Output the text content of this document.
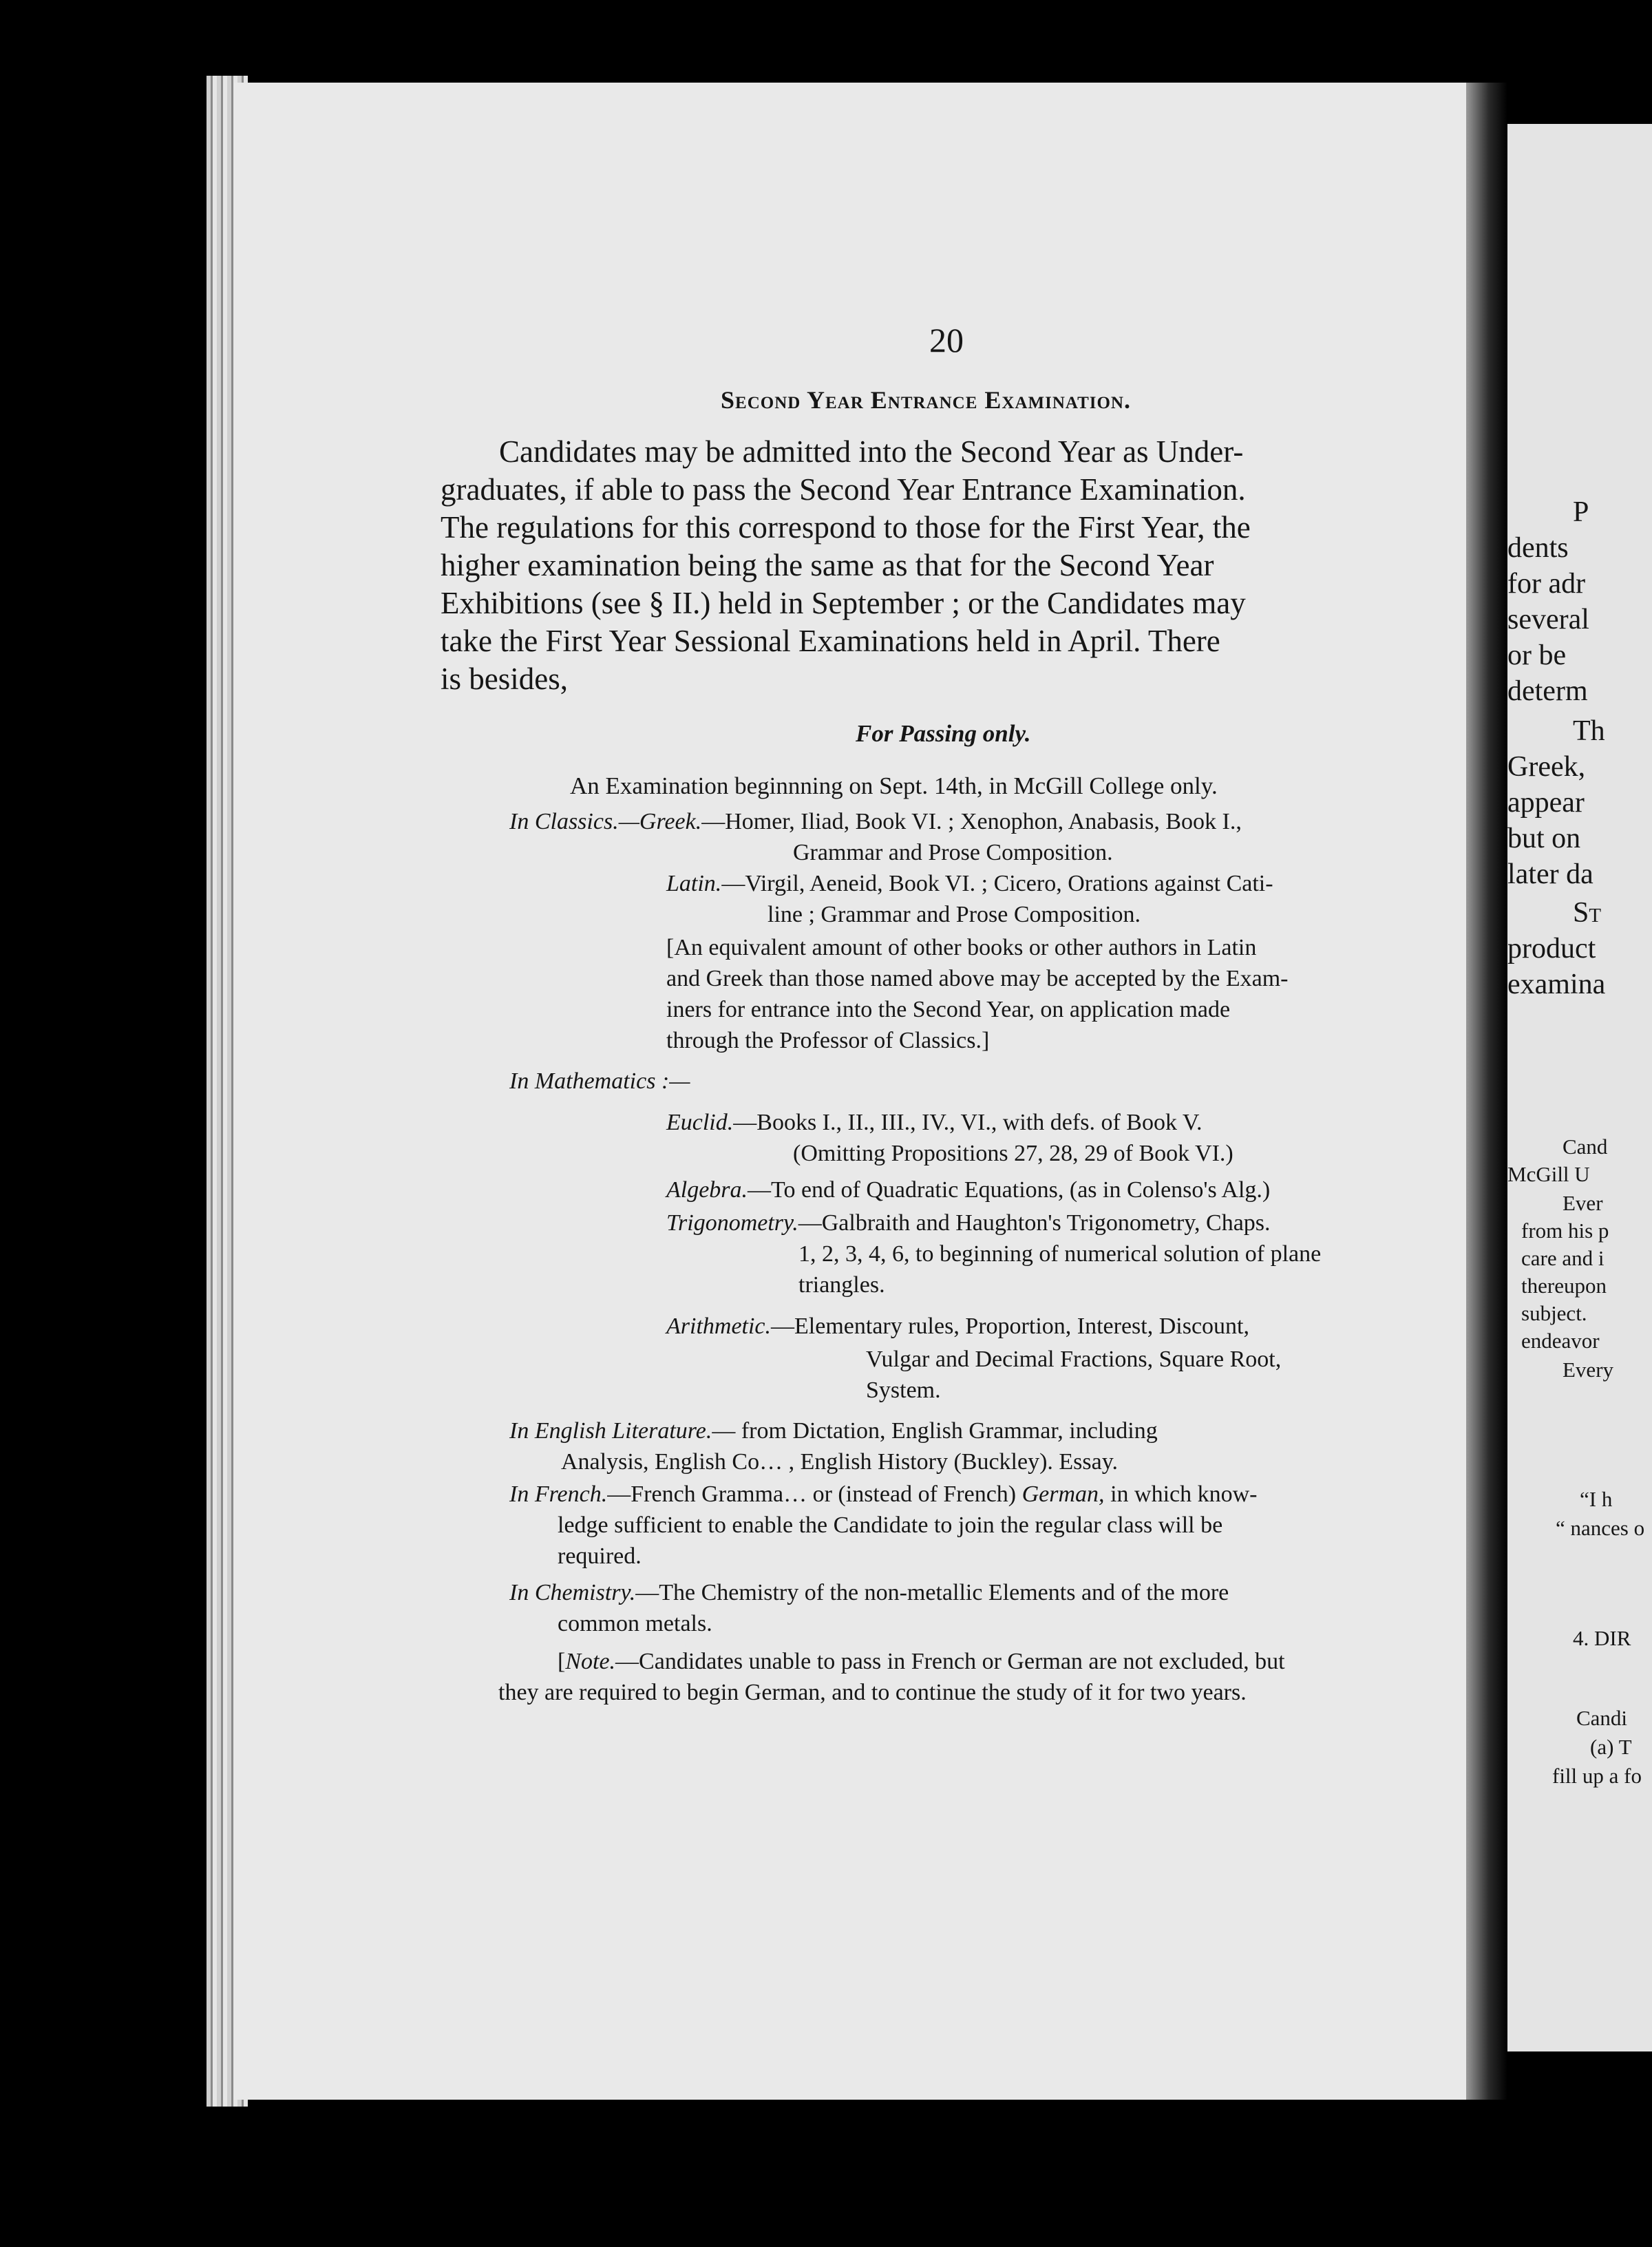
20
Second Year Entrance Examination.
Candidates may be admitted into the Second Year as Under-
graduates, if able to pass the Second Year Entrance Examination.
The regulations for this correspond to those for the First Year, the
higher examination being the same as that for the Second Year
Exhibitions (see § II.) held in September ; or the Candidates may
take the First Year Sessional Examinations held in April. There
is besides,
For Passing only.
An Examination beginnning on Sept. 14th, in McGill College only.
In Classics.—Greek.—Homer, Iliad, Book VI. ; Xenophon, Anabasis, Book I.,
Grammar and Prose Composition.
Latin.—Virgil, Aeneid, Book VI. ; Cicero, Orations against Cati-
line ; Grammar and Prose Composition.
[An equivalent amount of other books or other authors in Latin
and Greek than those named above may be accepted by the Exam-
iners for entrance into the Second Year, on application made
through the Professor of Classics.]
In Mathematics :—
Euclid.—Books I., II., III., IV., VI., with defs. of Book V.
(Omitting Propositions 27, 28, 29 of Book VI.)
Algebra.—To end of Quadratic Equations, (as in Colenso's Alg.)
Trigonometry.—Galbraith and Haughton's Trigonometry, Chaps.
1, 2, 3, 4, 6, to beginning of numerical solution of plane
triangles.
Arithmetic.—Elementary rules, Proportion, Interest, Discount,
Vulgar and Decimal Fractions, Square Root,
System.
In English Literature.— from Dictation, English Grammar, including
Analysis, English Co… , English History (Buckley). Essay.
In French.—French Gramma… or (instead of French) German, in which know-
ledge sufficient to enable the Candidate to join the regular class will be
required.
In Chemistry.—The Chemistry of the non-metallic Elements and of the more
common metals.
[Note.—Candidates unable to pass in French or German are not excluded, but
they are required to begin German, and to continue the study of it for two years.
P
dents
for adr
several
or be
determ
Th
Greek,
appear
but on
later da
St
product
examina
Cand
McGill U
Ever
from his p
care and i
thereupon
subject.
endeavor
Every
“I h
“ nances o
4. DIR
Candi
(a) T
fill up a fo
